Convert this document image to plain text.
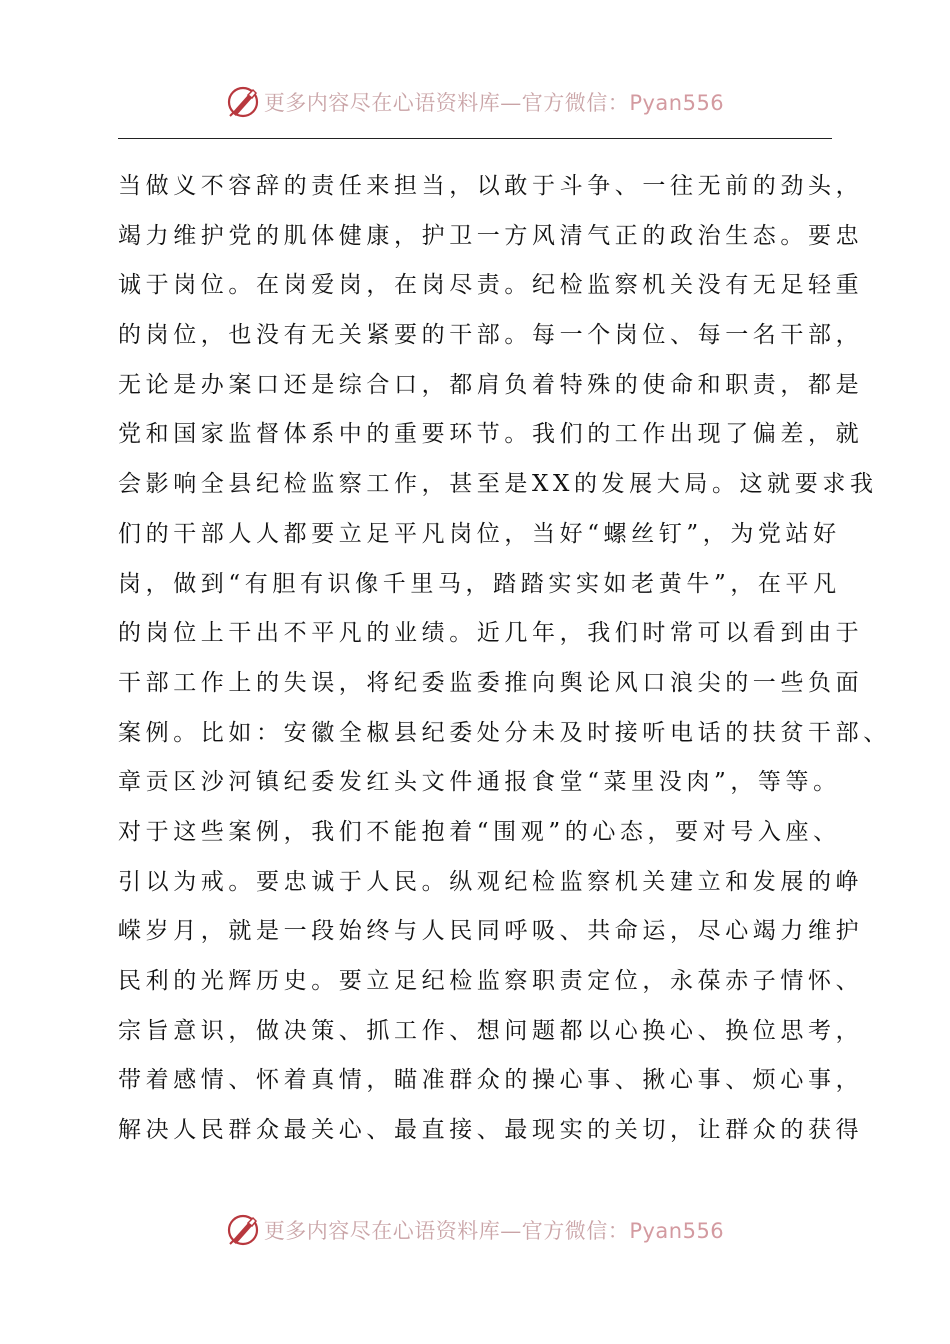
更多内容尽在心语资料库—官方微信：Pyan556
当做义不容辞的责任来担当，以敢于斗争、一往无前的劲头，
竭力维护党的肌体健康，护卫一方风清气正的政治生态。要忠
诚于岗位。在岗爱岗，在岗尽责。纪检监察机关没有无足轻重
的岗位，也没有无关紧要的干部。每一个岗位、每一名干部，
无论是办案口还是综合口，都肩负着特殊的使命和职责，都是
党和国家监督体系中的重要环节。我们的工作出现了偏差，就
会影响全县纪检监察工作，甚至是XX的发展大局。这就要求我
们的干部人人都要立足平凡岗位，当好“螺丝钉”，为党站好
岗，做到“有胆有识像千里马，踏踏实实如老黄牛”，在平凡
的岗位上干出不平凡的业绩。近几年，我们时常可以看到由于
干部工作上的失误，将纪委监委推向舆论风口浪尖的一些负面
案例。比如：安徽全椒县纪委处分未及时接听电话的扶贫干部、
章贡区沙河镇纪委发红头文件通报食堂“菜里没肉”，等等。
对于这些案例，我们不能抱着“围观”的心态，要对号入座、
引以为戒。要忠诚于人民。纵观纪检监察机关建立和发展的峥
嵘岁月，就是一段始终与人民同呼吸、共命运，尽心竭力维护
民利的光辉历史。要立足纪检监察职责定位，永葆赤子情怀、
宗旨意识，做决策、抓工作、想问题都以心换心、换位思考，
带着感情、怀着真情，瞄准群众的操心事、揪心事、烦心事，
解决人民群众最关心、最直接、最现实的关切，让群众的获得
更多内容尽在心语资料库—官方微信：Pyan556
